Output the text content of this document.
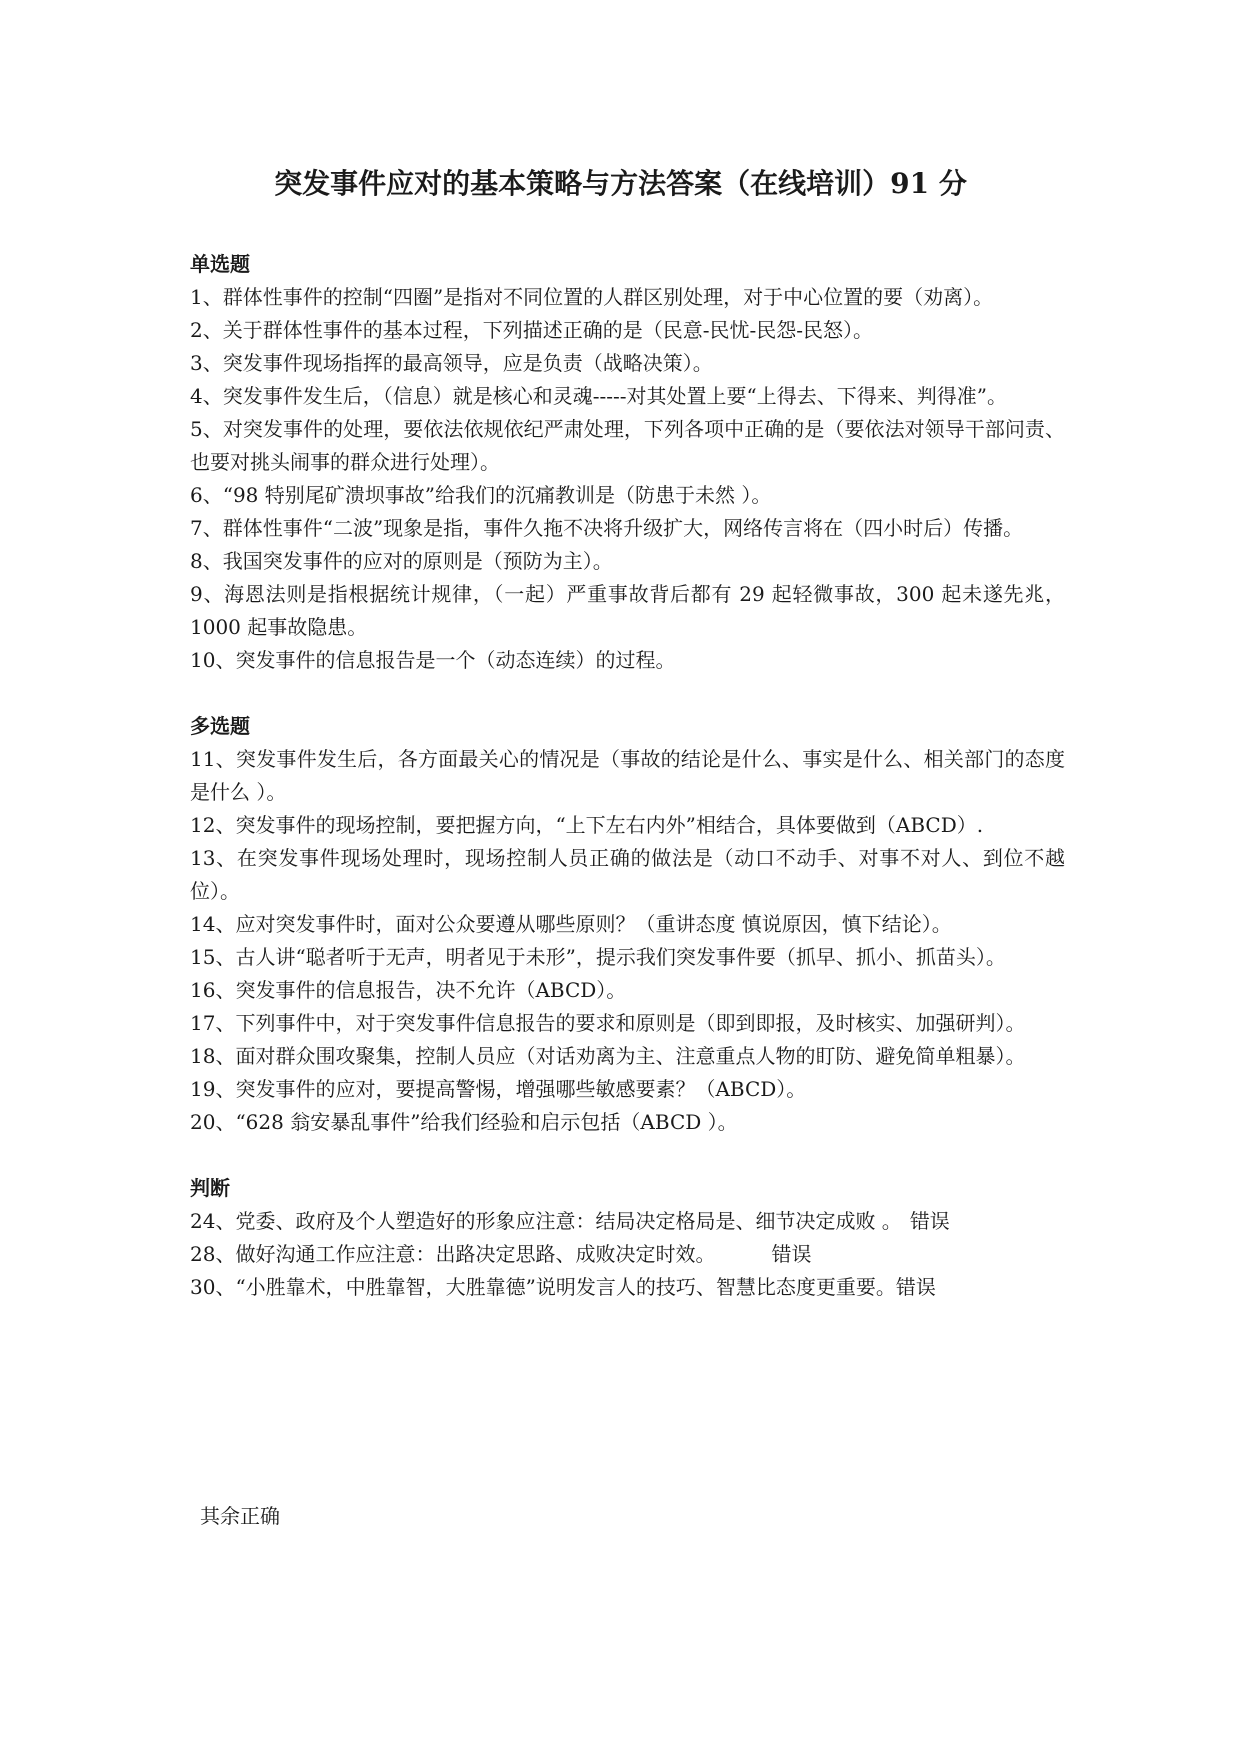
突发事件应对的基本策略与方法答案（在线培训）91 分

单选题

1、群体性事件的控制“四圈”是指对不同位置的人群区别处理，对于中心位置的要（劝离）。

2、关于群体性事件的基本过程，下列描述正确的是（民意-民忧-民怨-民怒）。

3、突发事件现场指挥的最高领导，应是负责（战略决策）。

4、突发事件发生后，（信息）就是核心和灵魂-----对其处置上要“上得去、下得来、判得准”。

5、对突发事件的处理，要依法依规依纪严肃处理，下列各项中正确的是（要依法对领导干部问责、也要对挑头闹事的群众进行处理）。

6、“98 特别尾矿溃坝事故”给我们的沉痛教训是（防患于未然 ）。

7、群体性事件“二波”现象是指，事件久拖不决将升级扩大，网络传言将在（四小时后）传播。

8、我国突发事件的应对的原则是（预防为主）。

9、海恩法则是指根据统计规律，（一起）严重事故背后都有 29 起轻微事故，300 起未遂先兆，1000 起事故隐患。

10、突发事件的信息报告是一个（动态连续）的过程。

多选题

11、突发事件发生后，各方面最关心的情况是（事故的结论是什么、事实是什么、相关部门的态度是什么 ）。

12、突发事件的现场控制，要把握方向，“上下左右内外”相结合，具体要做到（ABCD）.

13、在突发事件现场处理时，现场控制人员正确的做法是（动口不动手、对事不对人、到位不越位）。

14、应对突发事件时，面对公众要遵从哪些原则？（重讲态度 慎说原因，慎下结论）。

15、古人讲“聪者听于无声，明者见于未形”，提示我们突发事件要（抓早、抓小、抓苗头）。

16、突发事件的信息报告，决不允许（ABCD）。

17、下列事件中，对于突发事件信息报告的要求和原则是（即到即报，及时核实、加强研判）。

18、面对群众围攻聚集，控制人员应（对话劝离为主、注意重点人物的盯防、避免简单粗暴）。

19、突发事件的应对，要提高警惕，增强哪些敏感要素？（ABCD）。

20、“628 翁安暴乱事件”给我们经验和启示包括（ABCD ）。

判断

24、党委、政府及个人塑造好的形象应注意：结局决定格局是、细节决定成败 。 错误

28、做好沟通工作应注意：出路决定思路、成败决定时效。	错误

30、“小胜靠术，中胜靠智，大胜靠德”说明发言人的技巧、智慧比态度更重要。错误

其余正确
